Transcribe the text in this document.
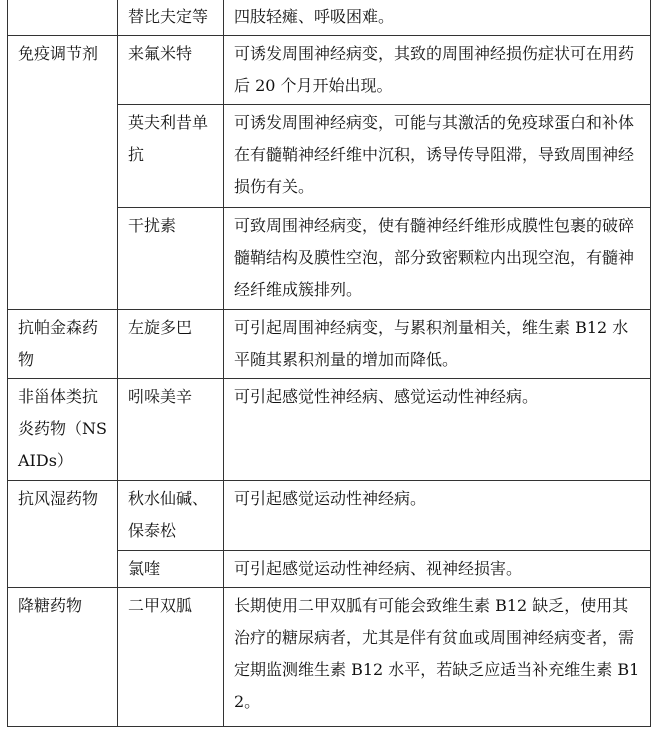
	替比夫定等	四肢轻瘫、呼吸困难。
免疫调节剂	来氟米特	可诱发周围神经病变，其致的周围神经损伤症状可在用药后 20 个月开始出现。
	英夫利昔单抗	可诱发周围神经病变，可能与其激活的免疫球蛋白和补体在有髓鞘神经纤维中沉积，诱导传导阻滞，导致周围神经损伤有关。
	干扰素	可致周围神经病变，使有髓神经纤维形成膜性包裹的破碎髓鞘结构及膜性空泡，部分致密颗粒内出现空泡，有髓神经纤维成簇排列。
抗帕金森药物	左旋多巴	可引起周围神经病变，与累积剂量相关，维生素 B12 水平随其累积剂量的增加而降低。
非甾体类抗炎药物（NSAIDs）	吲哚美辛	可引起感觉性神经病、感觉运动性神经病。
抗风湿药物	秋水仙碱、保泰松	可引起感觉运动性神经病。
	氯喹	可引起感觉运动性神经病、视神经损害。
降糖药物	二甲双胍	长期使用二甲双胍有可能会致维生素 B12 缺乏，使用其治疗的糖尿病者，尤其是伴有贫血或周围神经病变者，需定期监测维生素 B12 水平，若缺乏应适当补充维生素 B12。
